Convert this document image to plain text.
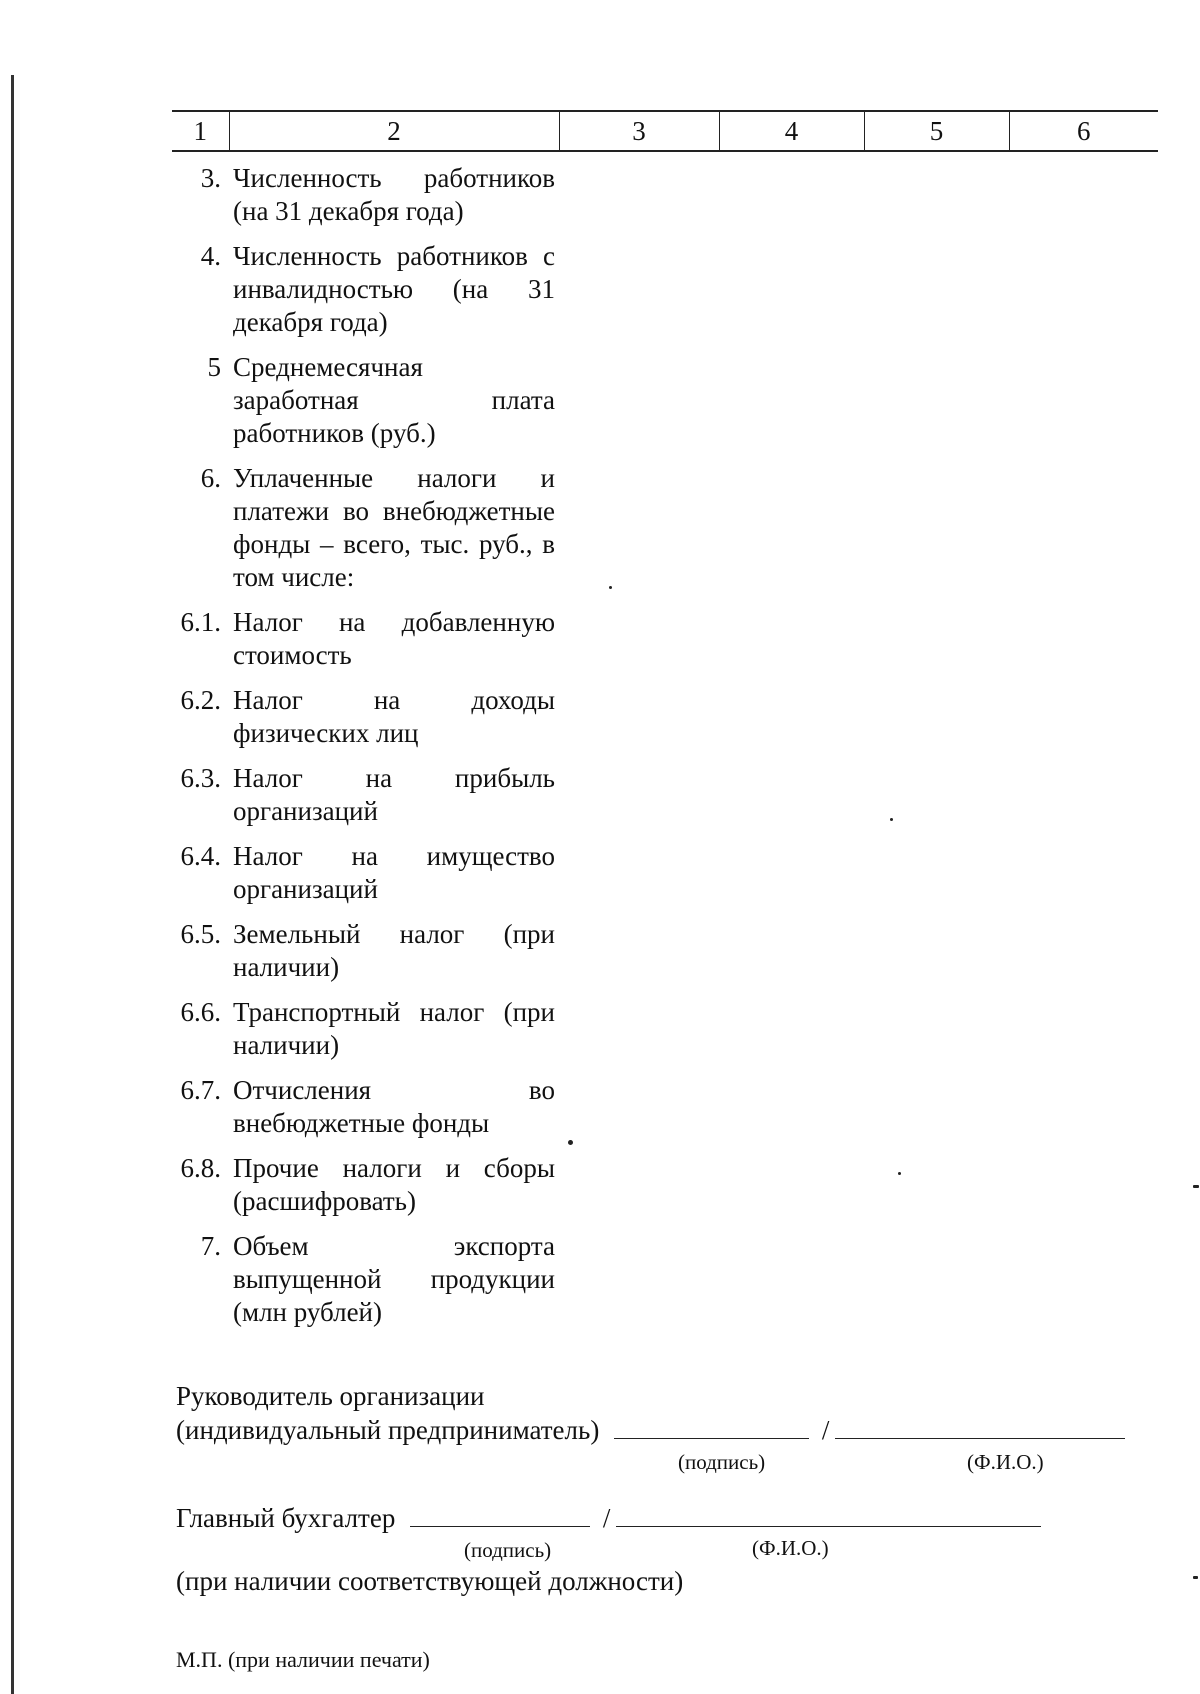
1	2	3	4	5	6
3.	Численность работников (на 31 декабря года)				
4.	Численность работников с инвалидностью (на 31 декабря года)				
5	Среднемесячная заработная плата работников (руб.)				
6.	Уплаченные налоги и платежи во внебюджетные фонды – всего, тыс. руб., в том числе:				
6.1.	Налог на добавленную стоимость				
6.2.	Налог на доходы физических лиц				
6.3.	Налог на прибыль организаций				
6.4.	Налог на имущество организаций				
6.5.	Земельный налог (при наличии)				
6.6.	Транспортный налог (при наличии)				
6.7.	Отчисления во внебюджетные фонды				
6.8.	Прочие налоги и сборы (расшифровать)				
7.	Объем экспорта выпущенной продукции (млн рублей)				
Руководитель организации
(индивидуальный предприниматель)	/
(подпись)	(Ф.И.О.)
Главный бухгалтер	/
(подпись)	(Ф.И.О.)
(при наличии соответствующей должности)
М.П. (при наличии печати)
